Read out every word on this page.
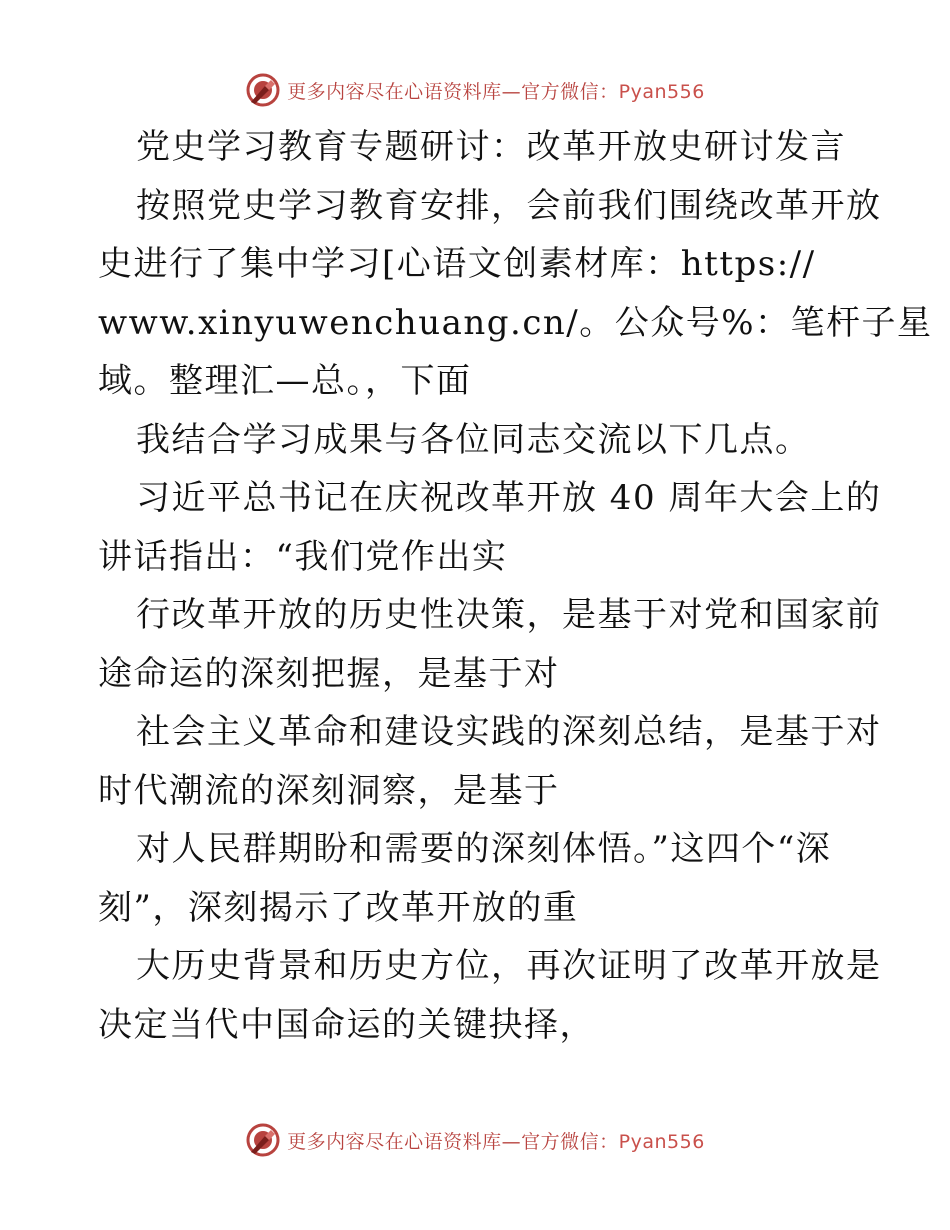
更多内容尽在心语资料库—官方微信：Pyan556
党史学习教育专题研讨：改革开放史研讨发言
按照党史学习教育安排，会前我们围绕改革开放
史进行了集中学习[心语文创素材库：https://
www.xinyuwenchuang.cn/。公众号%：笔杆子星
域。整理汇—总。，下面
我结合学习成果与各位同志交流以下几点。
习近平总书记在庆祝改革开放 40 周年大会上的
讲话指出：“我们党作出实
行改革开放的历史性决策，是基于对党和国家前
途命运的深刻把握，是基于对
社会主义革命和建设实践的深刻总结，是基于对
时代潮流的深刻洞察，是基于
对人民群期盼和需要的深刻体悟。”这四个“深
刻”，深刻揭示了改革开放的重
大历史背景和历史方位，再次证明了改革开放是
决定当代中国命运的关键抉择，
更多内容尽在心语资料库—官方微信：Pyan556
